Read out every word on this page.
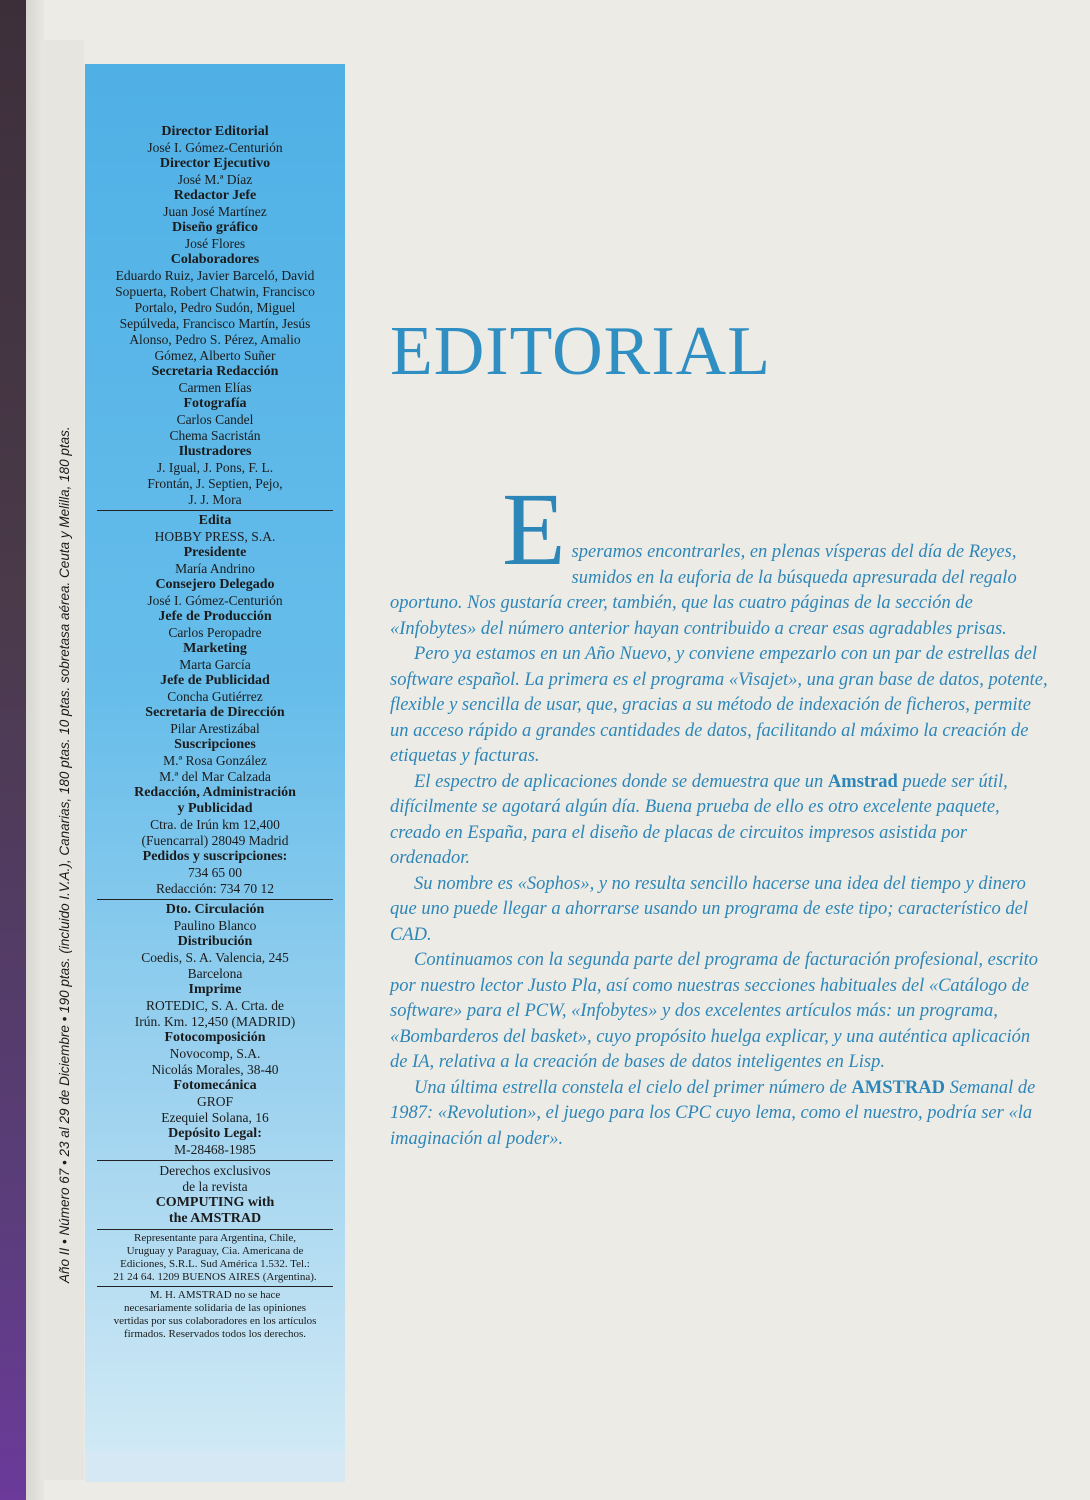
Año II • Número 67 • 23 al 29 de Diciembre • 190 ptas. (incluido I.V.A.), Canarias, 180 ptas. 10 ptas. sobretasa aérea. Ceuta y Melilla, 180 ptas.

Director Editorial

José I. Gómez-Centurión

Director Ejecutivo

José M.ª Díaz

Redactor Jefe

Juan José Martínez

Diseño gráfico

José Flores

Colaboradores

Eduardo Ruiz, Javier Barceló, David

Sopuerta, Robert Chatwin, Francisco

Portalo, Pedro Sudón, Miguel

Sepúlveda, Francisco Martín, Jesús

Alonso, Pedro S. Pérez, Amalio

Gómez, Alberto Suñer

Secretaria Redacción

Carmen Elías

Fotografía

Carlos Candel

Chema Sacristán

Ilustradores

J. Igual, J. Pons, F. L.

Frontán, J. Septien, Pejo,

J. J. Mora

Edita

HOBBY PRESS, S.A.

Presidente

María Andrino

Consejero Delegado

José I. Gómez-Centurión

Jefe de Producción

Carlos Peropadre

Marketing

Marta García

Jefe de Publicidad

Concha Gutiérrez

Secretaria de Dirección

Pilar Arestizábal

Suscripciones

M.ª Rosa González

M.ª del Mar Calzada

Redacción, Administración

y Publicidad

Ctra. de Irún km 12,400

(Fuencarral) 28049 Madrid

Pedidos y suscripciones:

734 65 00

Redacción: 734 70 12

Dto. Circulación

Paulino Blanco

Distribución

Coedis, S. A. Valencia, 245

Barcelona

Imprime

ROTEDIC, S. A. Crta. de

Irún. Km. 12,450 (MADRID)

Fotocomposición

Novocomp, S.A.

Nicolás Morales, 38-40

Fotomecánica

GROF

Ezequiel Solana, 16

Depósito Legal:

M-28468-1985

Derechos exclusivos

de la revista

COMPUTING with

the AMSTRAD

Representante para Argentina, Chile,

Uruguay y Paraguay, Cia. Americana de

Ediciones, S.R.L. Sud América 1.532. Tel.:

21 24 64. 1209 BUENOS AIRES (Argentina).

M. H. AMSTRAD no se hace

necesariamente solidaria de las opiniones

vertidas por sus colaboradores en los artículos

firmados. Reservados todos los derechos.

EDITORIAL

Esperamos encontrarles, en plenas vísperas del día de Reyes, sumidos en la euforia de la búsqueda apresurada del regalo oportuno. Nos gustaría creer, también, que las cuatro páginas de la sección de «Infobytes» del número anterior hayan contribuido a crear esas agradables prisas.

Pero ya estamos en un Año Nuevo, y conviene empezarlo con un par de estrellas del software español. La primera es el programa «Visajet», una gran base de datos, potente, flexible y sencilla de usar, que, gracias a su método de indexación de ficheros, permite un acceso rápido a grandes cantidades de datos, facilitando al máximo la creación de etiquetas y facturas.

El espectro de aplicaciones donde se demuestra que un Amstrad puede ser útil, difícilmente se agotará algún día. Buena prueba de ello es otro excelente paquete, creado en España, para el diseño de placas de circuitos impresos asistida por ordenador.

Su nombre es «Sophos», y no resulta sencillo hacerse una idea del tiempo y dinero que uno puede llegar a ahorrarse usando un programa de este tipo; característico del CAD.

Continuamos con la segunda parte del programa de facturación profesional, escrito por nuestro lector Justo Pla, así como nuestras secciones habituales del «Catálogo de software» para el PCW, «Infobytes» y dos excelentes artículos más: un programa, «Bombarderos del basket», cuyo propósito huelga explicar, y una auténtica aplicación de IA, relativa a la creación de bases de datos inteligentes en Lisp.

Una última estrella constela el cielo del primer número de AMSTRAD Semanal de 1987: «Revolution», el juego para los CPC cuyo lema, como el nuestro, podría ser «la imaginación al poder».
